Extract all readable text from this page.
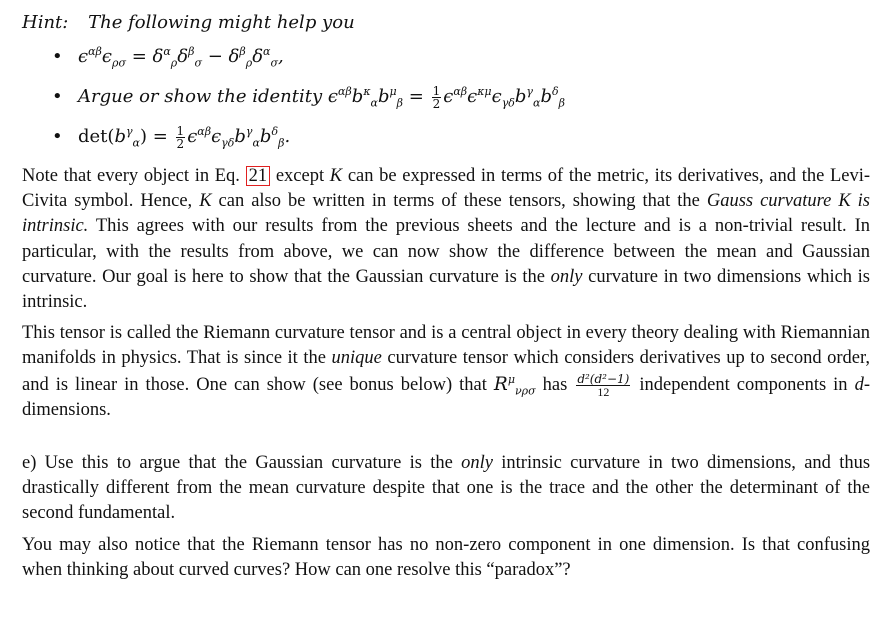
Hint: The following might help you
• $\epsilon^{\alpha\beta}\epsilon_{\rho\sigma} = \delta^\alpha_\rho\delta^\beta_\sigma - \delta^\beta_\rho\delta^\alpha_\sigma$,
• Argue or show the identity $\epsilon^{\alpha\beta}b^\kappa_\alpha b^\mu_\beta = \frac{1}{2} \epsilon^{\alpha\beta}\epsilon^{\kappa\mu}\epsilon_{\gamma\delta}b^\gamma_\alpha b^\delta_\beta$
• $\det(b^\gamma_\alpha) = \frac{1}{2} \epsilon^{\alpha\beta}\epsilon_{\gamma\delta}b^\gamma_\alpha b^\delta_\beta$.

Note that every object in Eq. 21 except K can be expressed in terms of the metric, its derivatives, and the Levi-Civita symbol. Hence, K can also be written in terms of these tensors, showing that the Gauss curvature K is intrinsic. This agrees with our results from the previous sheets and the lecture and is a non-trivial result. In particular, with the results from above, we can now show the difference between the mean and Gaussian curvature. Our goal is here to show that the Gaussian curvature is the only curvature in two dimensions which is intrinsic.

This tensor is called the Riemann curvature tensor and is a central object in every theory dealing with Riemannian manifolds in physics. That is since it the unique curvature tensor which considers derivatives up to second order, and is linear in those. One can show (see bonus below) that $R^\mu_{\nu\rho\sigma}$ has $\frac{\text{d²(d²−1)}}{12}$ independent components in d-dimensions.

e) Use this to argue that the Gaussian curvature is the only intrinsic curvature in two dimensions, and thus drastically different from the mean curvature despite that one is the trace and the other the determinant of the second fundamental.

You may also notice that the Riemann tensor has no non-zero component in one dimension. Is that confusing when thinking about curved curves? How can one resolve this “paradox”?
